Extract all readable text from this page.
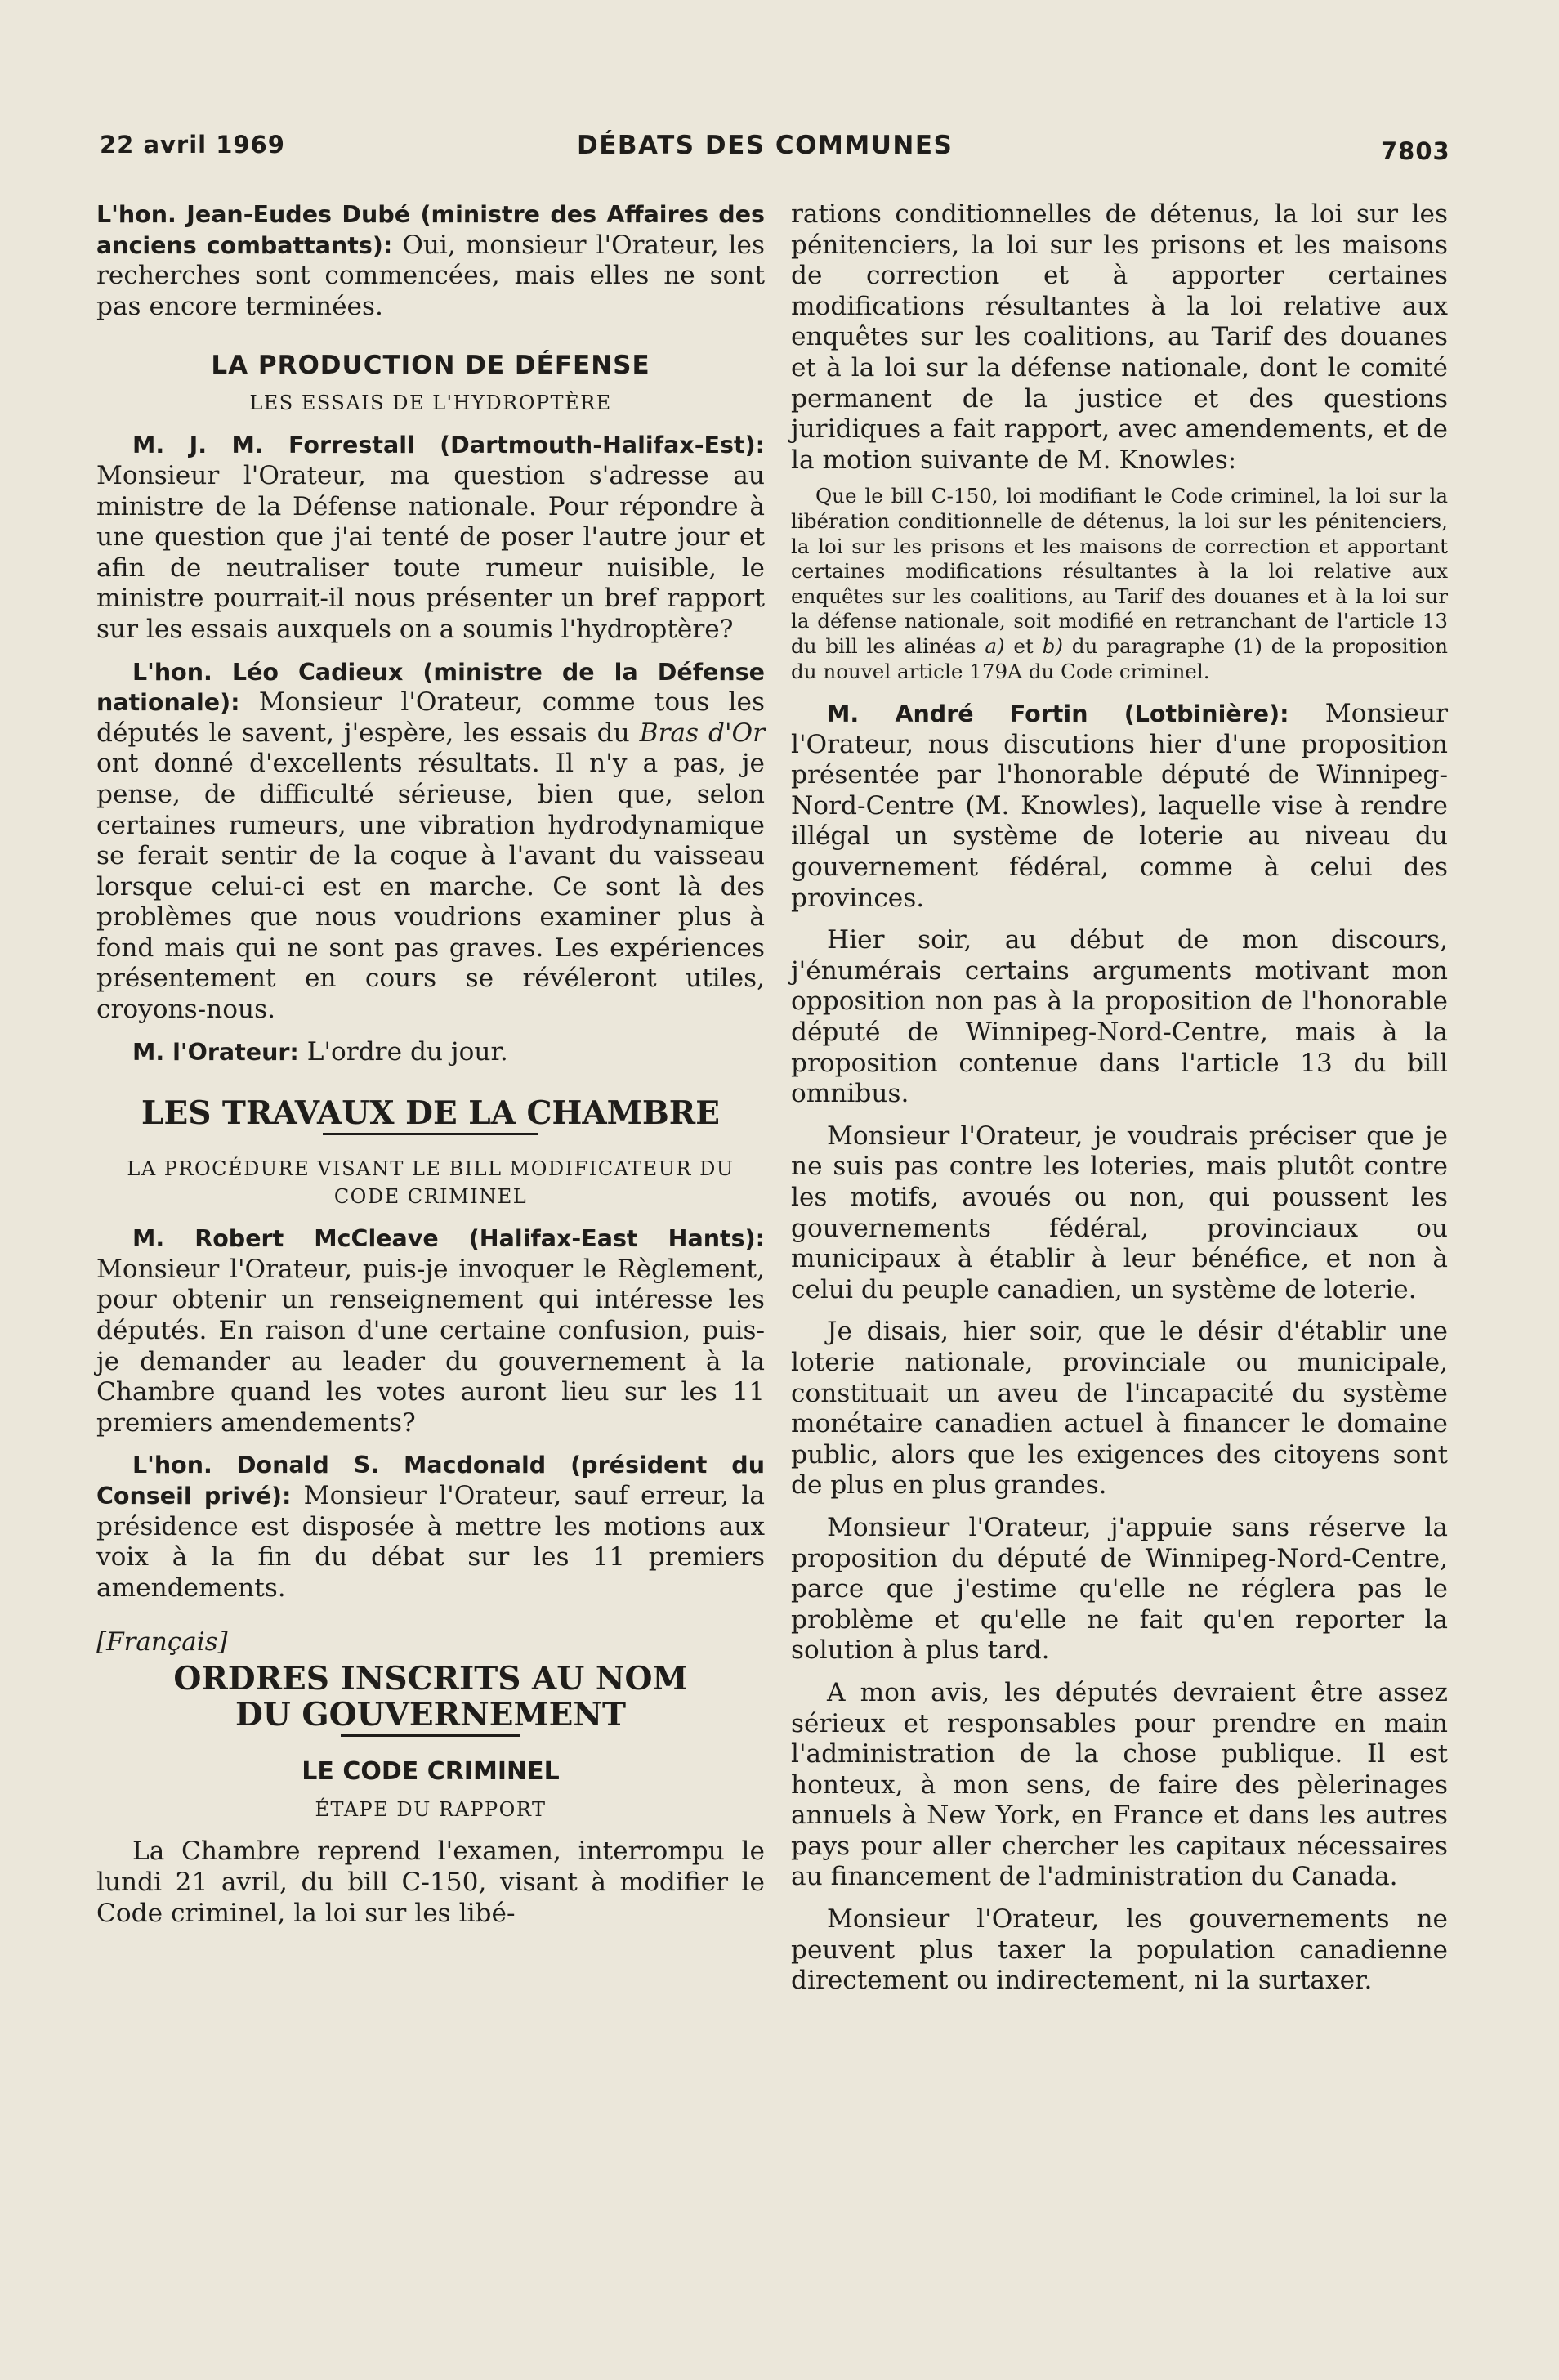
22 avril 1969	DÉBATS DES COMMUNES	7803

L'hon. Jean-Eudes Dubé (ministre des Affaires des anciens combattants): Oui, monsieur l'Orateur, les recherches sont commencées, mais elles ne sont pas encore terminées.

LA PRODUCTION DE DÉFENSE
LES ESSAIS DE L'HYDROPTÈRE

M. J. M. Forrestall (Dartmouth-Halifax-Est): Monsieur l'Orateur, ma question s'adresse au ministre de la Défense nationale. Pour répondre à une question que j'ai tenté de poser l'autre jour et afin de neutraliser toute rumeur nuisible, le ministre pourrait-il nous présenter un bref rapport sur les essais auxquels on a soumis l'hydroptère?

L'hon. Léo Cadieux (ministre de la Défense nationale): Monsieur l'Orateur, comme tous les députés le savent, j'espère, les essais du Bras d'Or ont donné d'excellents résultats. Il n'y a pas, je pense, de difficulté sérieuse, bien que, selon certaines rumeurs, une vibration hydrodynamique se ferait sentir de la coque à l'avant du vaisseau lorsque celui-ci est en marche. Ce sont là des problèmes que nous voudrions examiner plus à fond mais qui ne sont pas graves. Les expériences présentement en cours se révéleront utiles, croyons-nous.

M. l'Orateur: L'ordre du jour.

LES TRAVAUX DE LA CHAMBRE
LA PROCÉDURE VISANT LE BILL MODIFICATEUR DU CODE CRIMINEL

M. Robert McCleave (Halifax-East Hants): Monsieur l'Orateur, puis-je invoquer le Règlement, pour obtenir un renseignement qui intéresse les députés. En raison d'une certaine confusion, puis-je demander au leader du gouvernement à la Chambre quand les votes auront lieu sur les 11 premiers amendements?

L'hon. Donald S. Macdonald (président du Conseil privé): Monsieur l'Orateur, sauf erreur, la présidence est disposée à mettre les motions aux voix à la fin du débat sur les 11 premiers amendements.

[Français]
ORDRES INSCRITS AU NOM
DU GOUVERNEMENT
LE CODE CRIMINEL
ÉTAPE DU RAPPORT

La Chambre reprend l'examen, interrompu le lundi 21 avril, du bill C-150, visant à modifier le Code criminel, la loi sur les libé-

rations conditionnelles de détenus, la loi sur les pénitenciers, la loi sur les prisons et les maisons de correction et à apporter certaines modifications résultantes à la loi relative aux enquêtes sur les coalitions, au Tarif des douanes et à la loi sur la défense nationale, dont le comité permanent de la justice et des questions juridiques a fait rapport, avec amendements, et de la motion suivante de M. Knowles:

Que le bill C-150, loi modifiant le Code criminel, la loi sur la libération conditionnelle de détenus, la loi sur les pénitenciers, la loi sur les prisons et les maisons de correction et apportant certaines modifications résultantes à la loi relative aux enquêtes sur les coalitions, au Tarif des douanes et à la loi sur la défense nationale, soit modifié en retranchant de l'article 13 du bill les alinéas a) et b) du paragraphe (1) de la proposition du nouvel article 179A du Code criminel.

M. André Fortin (Lotbinière): Monsieur l'Orateur, nous discutions hier d'une proposition présentée par l'honorable député de Winnipeg-Nord-Centre (M. Knowles), laquelle vise à rendre illégal un système de loterie au niveau du gouvernement fédéral, comme à celui des provinces.

Hier soir, au début de mon discours, j'énumérais certains arguments motivant mon opposition non pas à la proposition de l'honorable député de Winnipeg-Nord-Centre, mais à la proposition contenue dans l'article 13 du bill omnibus.

Monsieur l'Orateur, je voudrais préciser que je ne suis pas contre les loteries, mais plutôt contre les motifs, avoués ou non, qui poussent les gouvernements fédéral, provinciaux ou municipaux à établir à leur bénéfice, et non à celui du peuple canadien, un système de loterie.

Je disais, hier soir, que le désir d'établir une loterie nationale, provinciale ou municipale, constituait un aveu de l'incapacité du système monétaire canadien actuel à financer le domaine public, alors que les exigences des citoyens sont de plus en plus grandes.

Monsieur l'Orateur, j'appuie sans réserve la proposition du député de Winnipeg-Nord-Centre, parce que j'estime qu'elle ne réglera pas le problème et qu'elle ne fait qu'en reporter la solution à plus tard.

A mon avis, les députés devraient être assez sérieux et responsables pour prendre en main l'administration de la chose publique. Il est honteux, à mon sens, de faire des pèlerinages annuels à New York, en France et dans les autres pays pour aller chercher les capitaux nécessaires au financement de l'administration du Canada.

Monsieur l'Orateur, les gouvernements ne peuvent plus taxer la population canadienne directement ou indirectement, ni la surtaxer.
